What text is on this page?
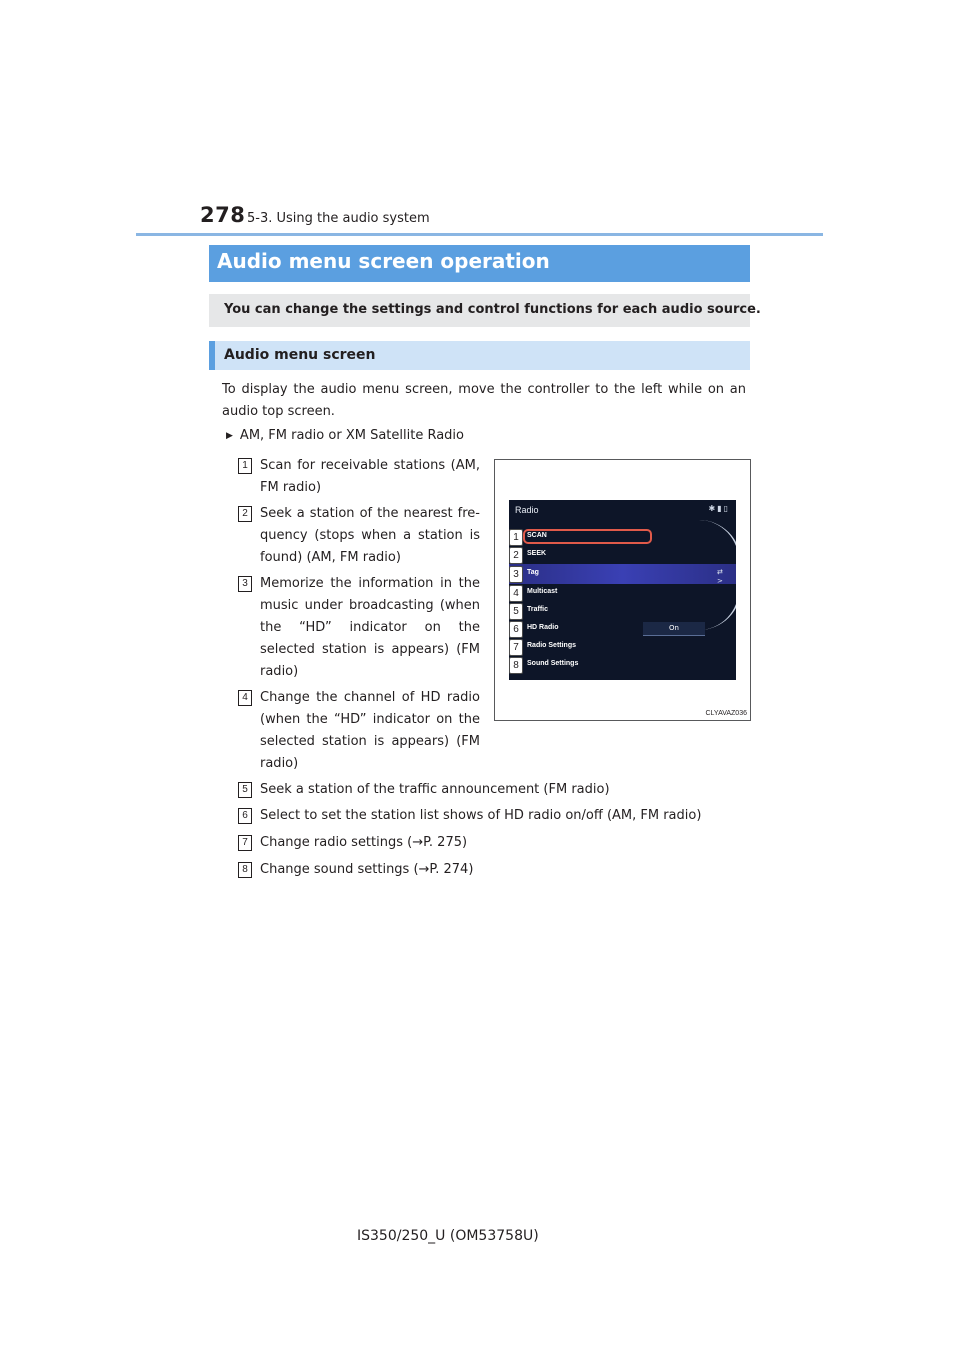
278 5-3. Using the audio system
Audio menu screen operation
You can change the settings and control functions for each audio source.
Audio menu screen
To display the audio menu screen, move the controller to the left while on an audio top screen.
▶ AM, FM radio or XM Satellite Radio
1 Scan for receivable stations (AM, FM radio)
2 Seek a station of the nearest fre-quency (stops when a station is found) (AM, FM radio)
3 Memorize the information in the music under broadcasting (when the “HD” indicator on the selected station is appears) (FM radio)
4 Change the channel of HD radio (when the “HD” indicator on the selected station is appears) (FM radio)
5 Seek a station of the traffic announcement (FM radio)
6 Select to set the station list shows of HD radio on/off (AM, FM radio)
7 Change radio settings (→P. 275)
8 Change sound settings (→P. 274)
Radio	✱▮▯
⇄
>
1	SCAN
2	SEEK
3	Tag
4	Multicast
5	Traffic
6	HD Radio	On
7	Radio Settings
8	Sound Settings
CLYAVAZ036
IS350/250_U (OM53758U)
